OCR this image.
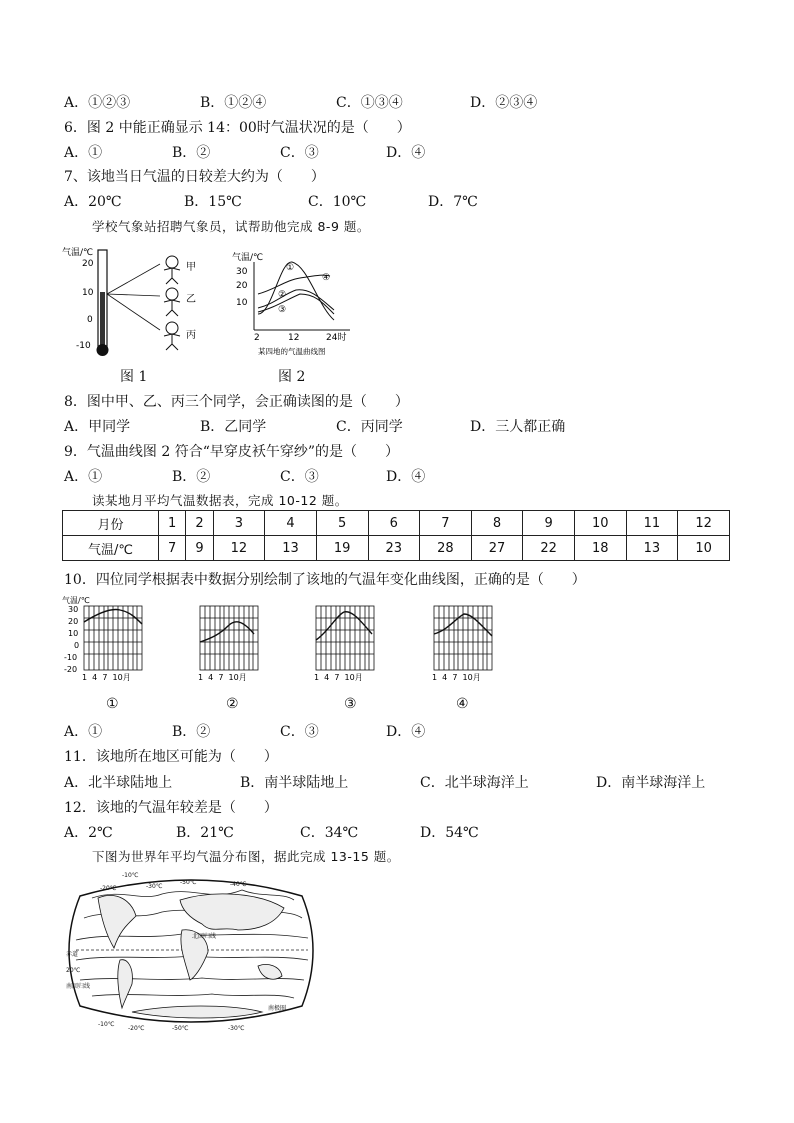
A．①②③	B．①②④	C．①③④	D．②③④
6．图 2 中能正确显示 14：00时气温状况的是（　　）
A．①	B．②	C．③	D．④
7、该地当日气温的日较差大约为（　　）
A．20℃	B．15℃	C．10℃	D．7℃
学校气象站招聘气象员，试帮助他完成 8-9 题。
气温/℃
20
10
0
-10
甲
乙
丙
图 1
气温/℃
30
20
10
①
②
③
④
2	12	24时
某四地的气温曲线图
图 2
8．图中甲、乙、丙三个同学，会正确读图的是（　　）
A．甲同学	B．乙同学	C．丙同学	D．三人都正确
9．气温曲线图 2 符合“早穿皮袄午穿纱”的是（　　）
A．①	B．②	C．③	D．④
读某地月平均气温数据表，完成 10-12 题。
月份	1	2	3	4	5	6	7	8	9	10	11	12
气温/℃	7	9	12	13	19	23	28	27	22	18	13	10
10．四位同学根据表中数据分别绘制了该地的气温年变化曲线图，正确的是（　　）
气温/℃
30
20
10
0
-10
-20
1  4  7  10月	1  4  7  10月	1  4  7  10月	1  4  7  10月
①	②	③	④
A．①	B．②	C．③	D．④
11．该地所在地区可能为（　　）
A．北半球陆地上	B．南半球陆地上	C．北半球海洋上	D．南半球海洋上
12．该地的气温年较差是（　　）
A．2℃	B．21℃	C．34℃	D．54℃
下图为世界年平均气温分布图，据此完成 13-15 题。
-10℃
20℃
-20℃	-30℃	-40℃
-50℃
赤道
北回归线
南回归线
南极圈
-10℃
-50℃
-20℃	-30℃
